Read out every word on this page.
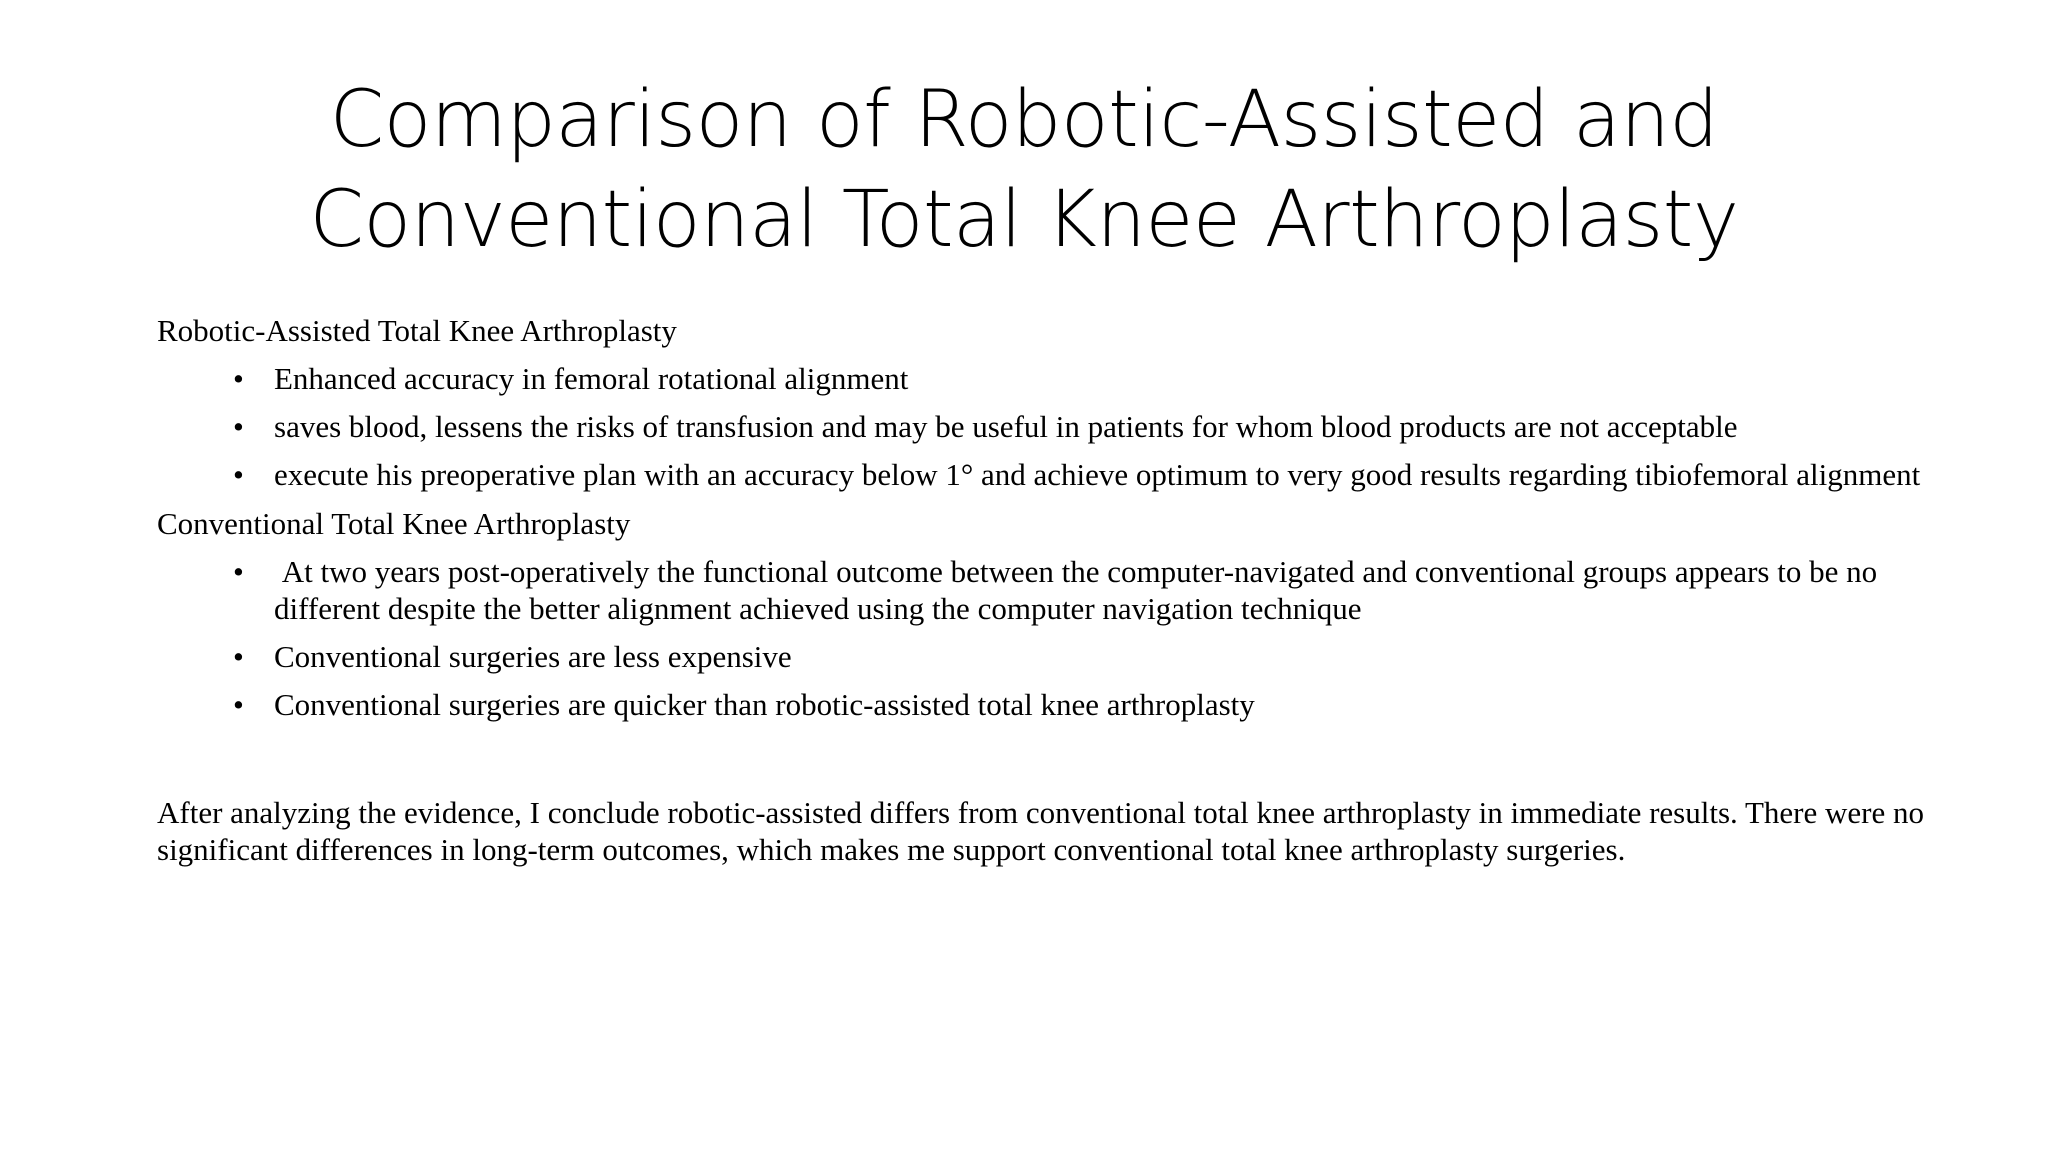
Comparison of Robotic-Assisted and
Conventional Total Knee Arthroplasty

Robotic-Assisted Total Knee Arthroplasty

• Enhanced accuracy in femoral rotational alignment
• saves blood, lessens the risks of transfusion and may be useful in patients for whom blood products are not acceptable
• execute his preoperative plan with an accuracy below 1° and achieve optimum to very good results regarding tibiofemoral alignment

Conventional Total Knee Arthroplasty

• At two years post-operatively the functional outcome between the computer-navigated and conventional groups appears to be no different despite the better alignment achieved using the computer navigation technique
• Conventional surgeries are less expensive
• Conventional surgeries are quicker than robotic-assisted total knee arthroplasty

After analyzing the evidence, I conclude robotic-assisted differs from conventional total knee arthroplasty in immediate results. There were no significant differences in long-term outcomes, which makes me support conventional total knee arthroplasty surgeries.
